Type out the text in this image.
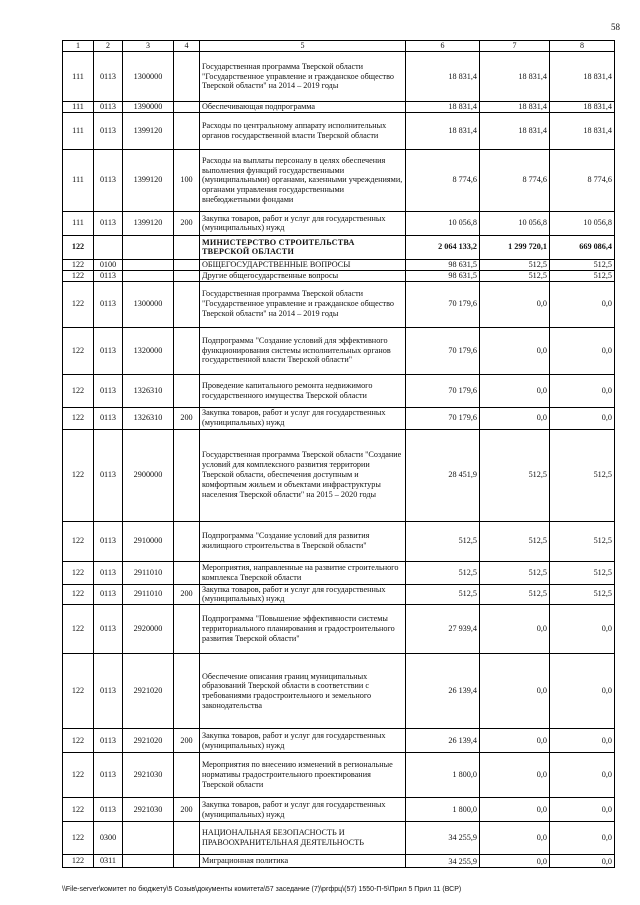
58
1	2	3	4	5	6	7	8
111	0113	1300000		Государственная программа Тверской области "Государственное управление и гражданское общество Тверской области" на 2014 – 2019 годы	18 831,4	18 831,4	18 831,4
111	0113	1390000		Обеспечивающая подпрограмма	18 831,4	18 831,4	18 831,4
111	0113	1399120		Расходы по центральному аппарату исполнительных органов государственной власти Тверской области	18 831,4	18 831,4	18 831,4
111	0113	1399120	100	Расходы на выплаты персоналу в целях обеспечения выполнения функций государственными (муниципальными) органами, казенными учреждениями, органами управления государственными внебюджетными фондами	8 774,6	8 774,6	8 774,6
111	0113	1399120	200	Закупка товаров, работ и услуг для государственных (муниципальных) нужд	10 056,8	10 056,8	10 056,8
122				МИНИСТЕРСТВО СТРОИТЕЛЬСТВА ТВЕРСКОЙ ОБЛАСТИ	2 064 133,2	1 299 720,1	669 086,4
122	0100			ОБЩЕГОСУДАРСТВЕННЫЕ ВОПРОСЫ	98 631,5	512,5	512,5
122	0113			Другие общегосударственные вопросы	98 631,5	512,5	512,5
122	0113	1300000		Государственная программа Тверской области "Государственное управление и гражданское общество Тверской области" на 2014 – 2019 годы	70 179,6	0,0	0,0
122	0113	1320000		Подпрограмма "Создание условий для эффективного функционирования системы исполнительных органов государственной власти Тверской области"	70 179,6	0,0	0,0
122	0113	1326310		Проведение капитального ремонта недвижимого государственного имущества Тверской области	70 179,6	0,0	0,0
122	0113	1326310	200	Закупка товаров, работ и услуг для государственных (муниципальных) нужд	70 179,6	0,0	0,0
122	0113	2900000		Государственная программа Тверской области "Создание условий для комплексного развития территории Тверской области, обеспечения доступным и комфортным жильем и объектами инфраструктуры населения Тверской области" на 2015 – 2020 годы	28 451,9	512,5	512,5
122	0113	2910000		Подпрограмма "Создание условий для развития жилищного строительства в Тверской области"	512,5	512,5	512,5
122	0113	2911010		Мероприятия, направленные на развитие строительного комплекса Тверской области	512,5	512,5	512,5
122	0113	2911010	200	Закупка товаров, работ и услуг для государственных (муниципальных) нужд	512,5	512,5	512,5
122	0113	2920000		Подпрограмма "Повышение эффективности системы территориального планирования и градостроительного развития Тверской области"	27 939,4	0,0	0,0
122	0113	2921020		Обеспечение описания границ муниципальных образований Тверской области в соответствии с требованиями градостроительного и земельного законодательства	26 139,4	0,0	0,0
122	0113	2921020	200	Закупка товаров, работ и услуг для государственных (муниципальных) нужд	26 139,4	0,0	0,0
122	0113	2921030		Мероприятия по внесению изменений в региональные нормативы градостроительного проектирования Тверской области	1 800,0	0,0	0,0
122	0113	2921030	200	Закупка товаров, работ и услуг для государственных (муниципальных) нужд	1 800,0	0,0	0,0
122	0300			НАЦИОНАЛЬНАЯ БЕЗОПАСНОСТЬ И ПРАВООХРАНИТЕЛЬНАЯ ДЕЯТЕЛЬНОСТЬ	34 255,9	0,0	0,0
122	0311			Миграционная политика	34 255,9	0,0	0,0
\\File-server\комитет по бюджету\5 Созыв\документы комитета\57 заседание (7)\ргфрц\(57) 1550-П-5\Прил 5 Прил 11 (ВСР)
